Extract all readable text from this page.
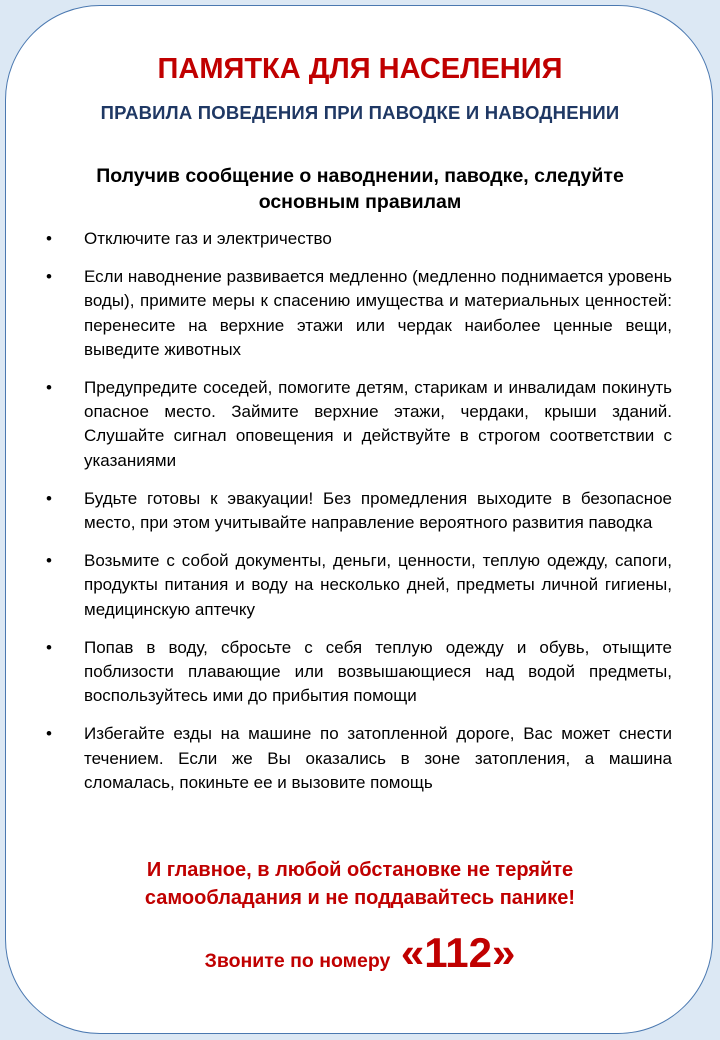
ПАМЯТКА ДЛЯ НАСЕЛЕНИЯ
ПРАВИЛА ПОВЕДЕНИЯ ПРИ ПАВОДКЕ И НАВОДНЕНИИ
Получив сообщение о наводнении, паводке, следуйте
основным правилам
• Отключите газ и электричество
• Если наводнение развивается медленно (медленно поднимается уровень воды), примите меры к спасению имущества и материальных ценностей: перенесите на верхние этажи или чердак наиболее ценные вещи, выведите животных
• Предупредите соседей, помогите детям, старикам и инвалидам покинуть опасное место. Займите верхние этажи, чердаки, крыши зданий. Слушайте сигнал оповещения и действуйте в строгом соответствии с указаниями
• Будьте готовы к эвакуации! Без промедления выходите в безопасное место, при этом учитывайте направление вероятного развития паводка
• Возьмите с собой документы, деньги, ценности, теплую одежду, сапоги, продукты питания и воду на несколько дней, предметы личной гигиены, медицинскую аптечку
• Попав в воду, сбросьте с себя теплую одежду и обувь, отыщите поблизости плавающие или возвышающиеся над водой предметы, воспользуйтесь ими до прибытия помощи
• Избегайте езды на машине по затопленной дороге, Вас может снести течением. Если же Вы оказались в зоне затопления, а машина сломалась, покиньте ее и вызовите помощь
И главное, в любой обстановке не теряйте
самообладания и не поддавайтесь панике!
Звоните по номеру «112»
